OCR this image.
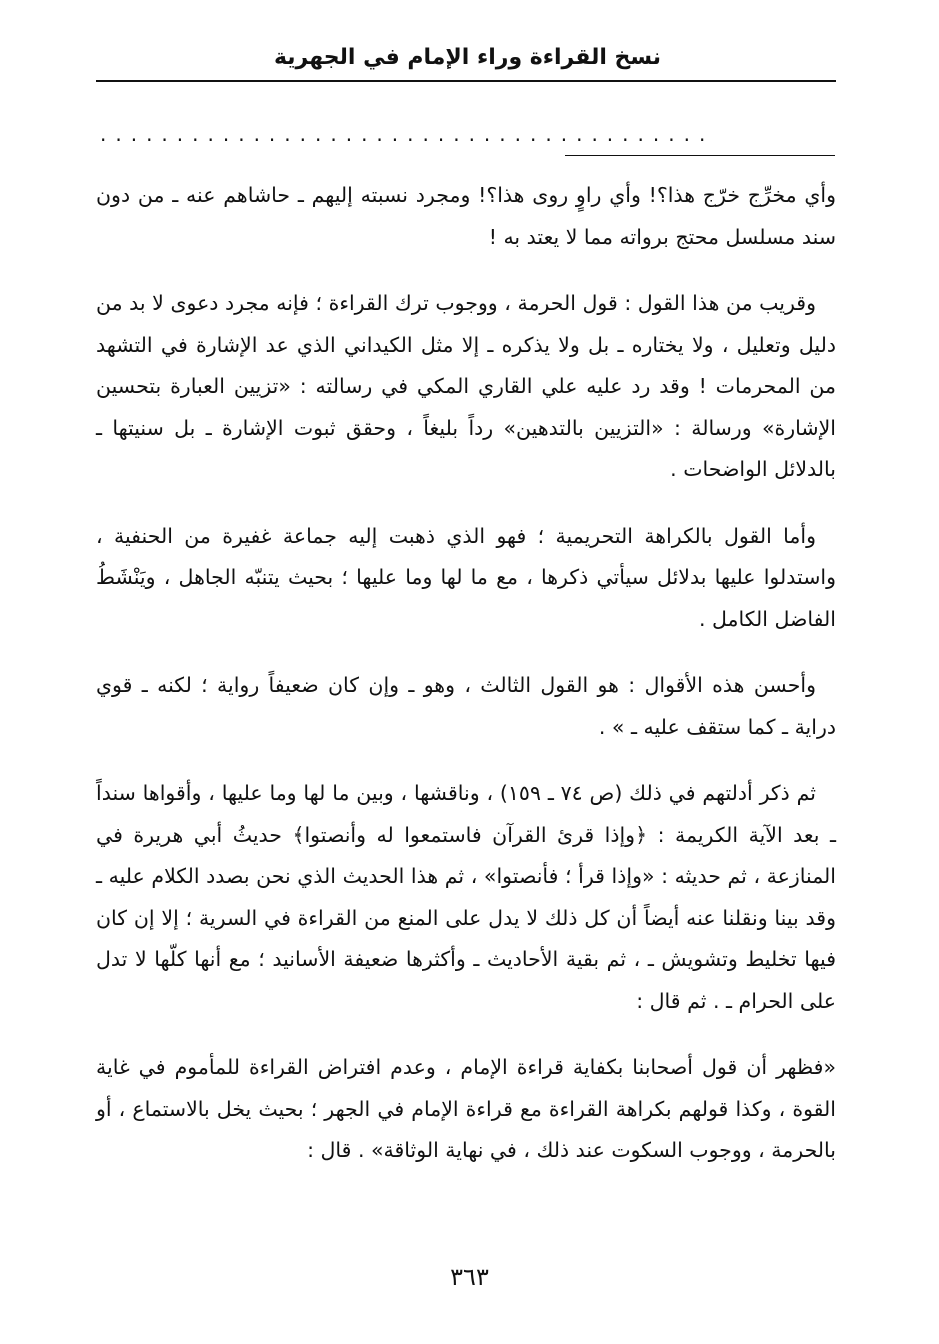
نسخ القراءة وراء الإمام في الجهرية
........................................

وأي مخرِّج خرّج هذا؟! وأي راوٍ روى هذا؟! ومجرد نسبته إليهم ـ حاشاهم عنه ـ من دون سند مسلسل محتج برواته مما لا يعتد به !

وقريب من هذا القول : قول الحرمة ، ووجوب ترك القراءة ؛ فإنه مجرد دعوى لا بد من دليل وتعليل ، ولا يختاره ـ بل ولا يذكره ـ إلا مثل الكيداني الذي عد الإشارة في التشهد من المحرمات ! وقد رد عليه علي القاري المكي في رسالته : «تزيين العبارة بتحسين الإشارة» ورسالة : «التزيين بالتدهين» رداً بليغاً ، وحقق ثبوت الإشارة ـ بل سنيتها ـ بالدلائل الواضحات .

وأما القول بالكراهة التحريمية ؛ فهو الذي ذهبت إليه جماعة غفيرة من الحنفية ، واستدلوا عليها بدلائل سيأتي ذكرها ، مع ما لها وما عليها ؛ بحيث يتنبّه الجاهل ، ويَنْشَطُ الفاضل الكامل .

وأحسن هذه الأقوال : هو القول الثالث ، وهو ـ وإن كان ضعيفاً رواية ؛ لكنه ـ قوي دراية ـ كما ستقف عليه ـ » .

ثم ذكر أدلتهم في ذلك (ص ٧٤ ـ ١٥٩) ، وناقشها ، وبين ما لها وما عليها ، وأقواها سنداً ـ بعد الآية الكريمة : ﴿وإذا قرئ القرآن فاستمعوا له وأنصتوا﴾ حديثُ أبي هريرة في المنازعة ، ثم حديثه : «وإذا قرأ ؛ فأنصتوا» ، ثم هذا الحديث الذي نحن بصدد الكلام عليه ـ وقد بينا ونقلنا عنه أيضاً أن كل ذلك لا يدل على المنع من القراءة في السرية ؛ إلا إن كان فيها تخليط وتشويش ـ ، ثم بقية الأحاديث ـ وأكثرها ضعيفة الأسانيد ؛ مع أنها كلّها لا تدل على الحرام ـ . ثم قال :

«فظهر أن قول أصحابنا بكفاية قراءة الإمام ، وعدم افتراض القراءة للمأموم في غاية القوة ، وكذا قولهم بكراهة القراءة مع قراءة الإمام في الجهر ؛ بحيث يخل بالاستماع ، أو بالحرمة ، ووجوب السكوت عند ذلك ، في نهاية الوثاقة» . قال :

٣٦٣
